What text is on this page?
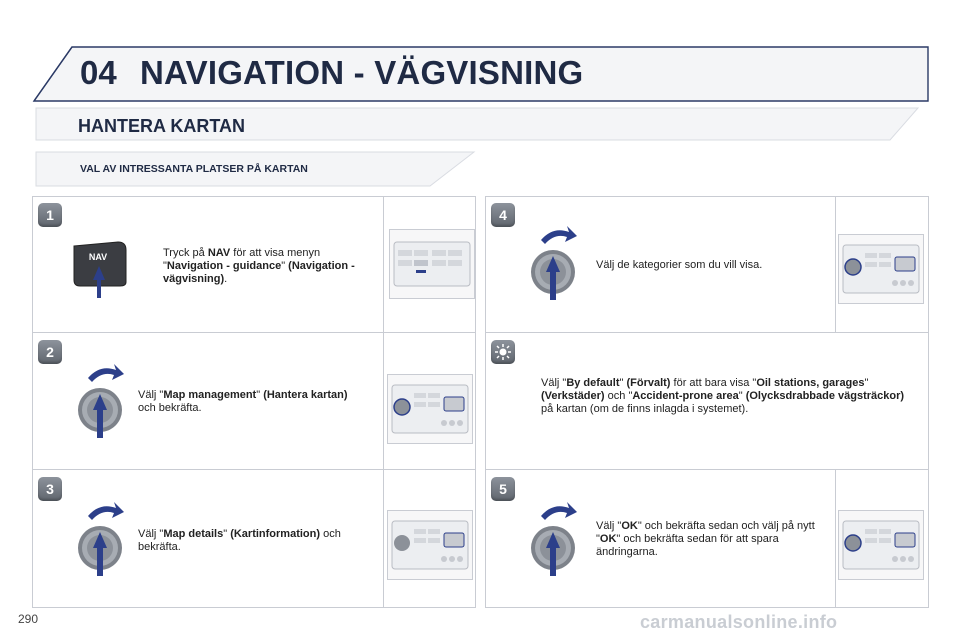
04 NAVIGATION - VÄGVISNING
HANTERA KARTAN
VAL AV INTRESSANTA PLATSER PÅ KARTAN
1
NAV	Tryck på NAV för att visa menyn "Navigation - guidance" (Navigation - vägvisning).
2
Välj "Map management" (Hantera kartan) och bekräfta.
3
Välj "Map details" (Kartinformation) och bekräfta.
4
Välj de kategorier som du vill visa.
Välj "By default" (Förvalt) för att bara visa "Oil stations, garages" (Verkstäder) och "Accident-prone area" (Olycksdrabbade vägsträckor) på kartan (om de finns inlagda i systemet).
5
Välj "OK" och bekräfta sedan och välj på nytt "OK" och bekräfta sedan för att spara ändringarna.
290	carmanualsonline.info
